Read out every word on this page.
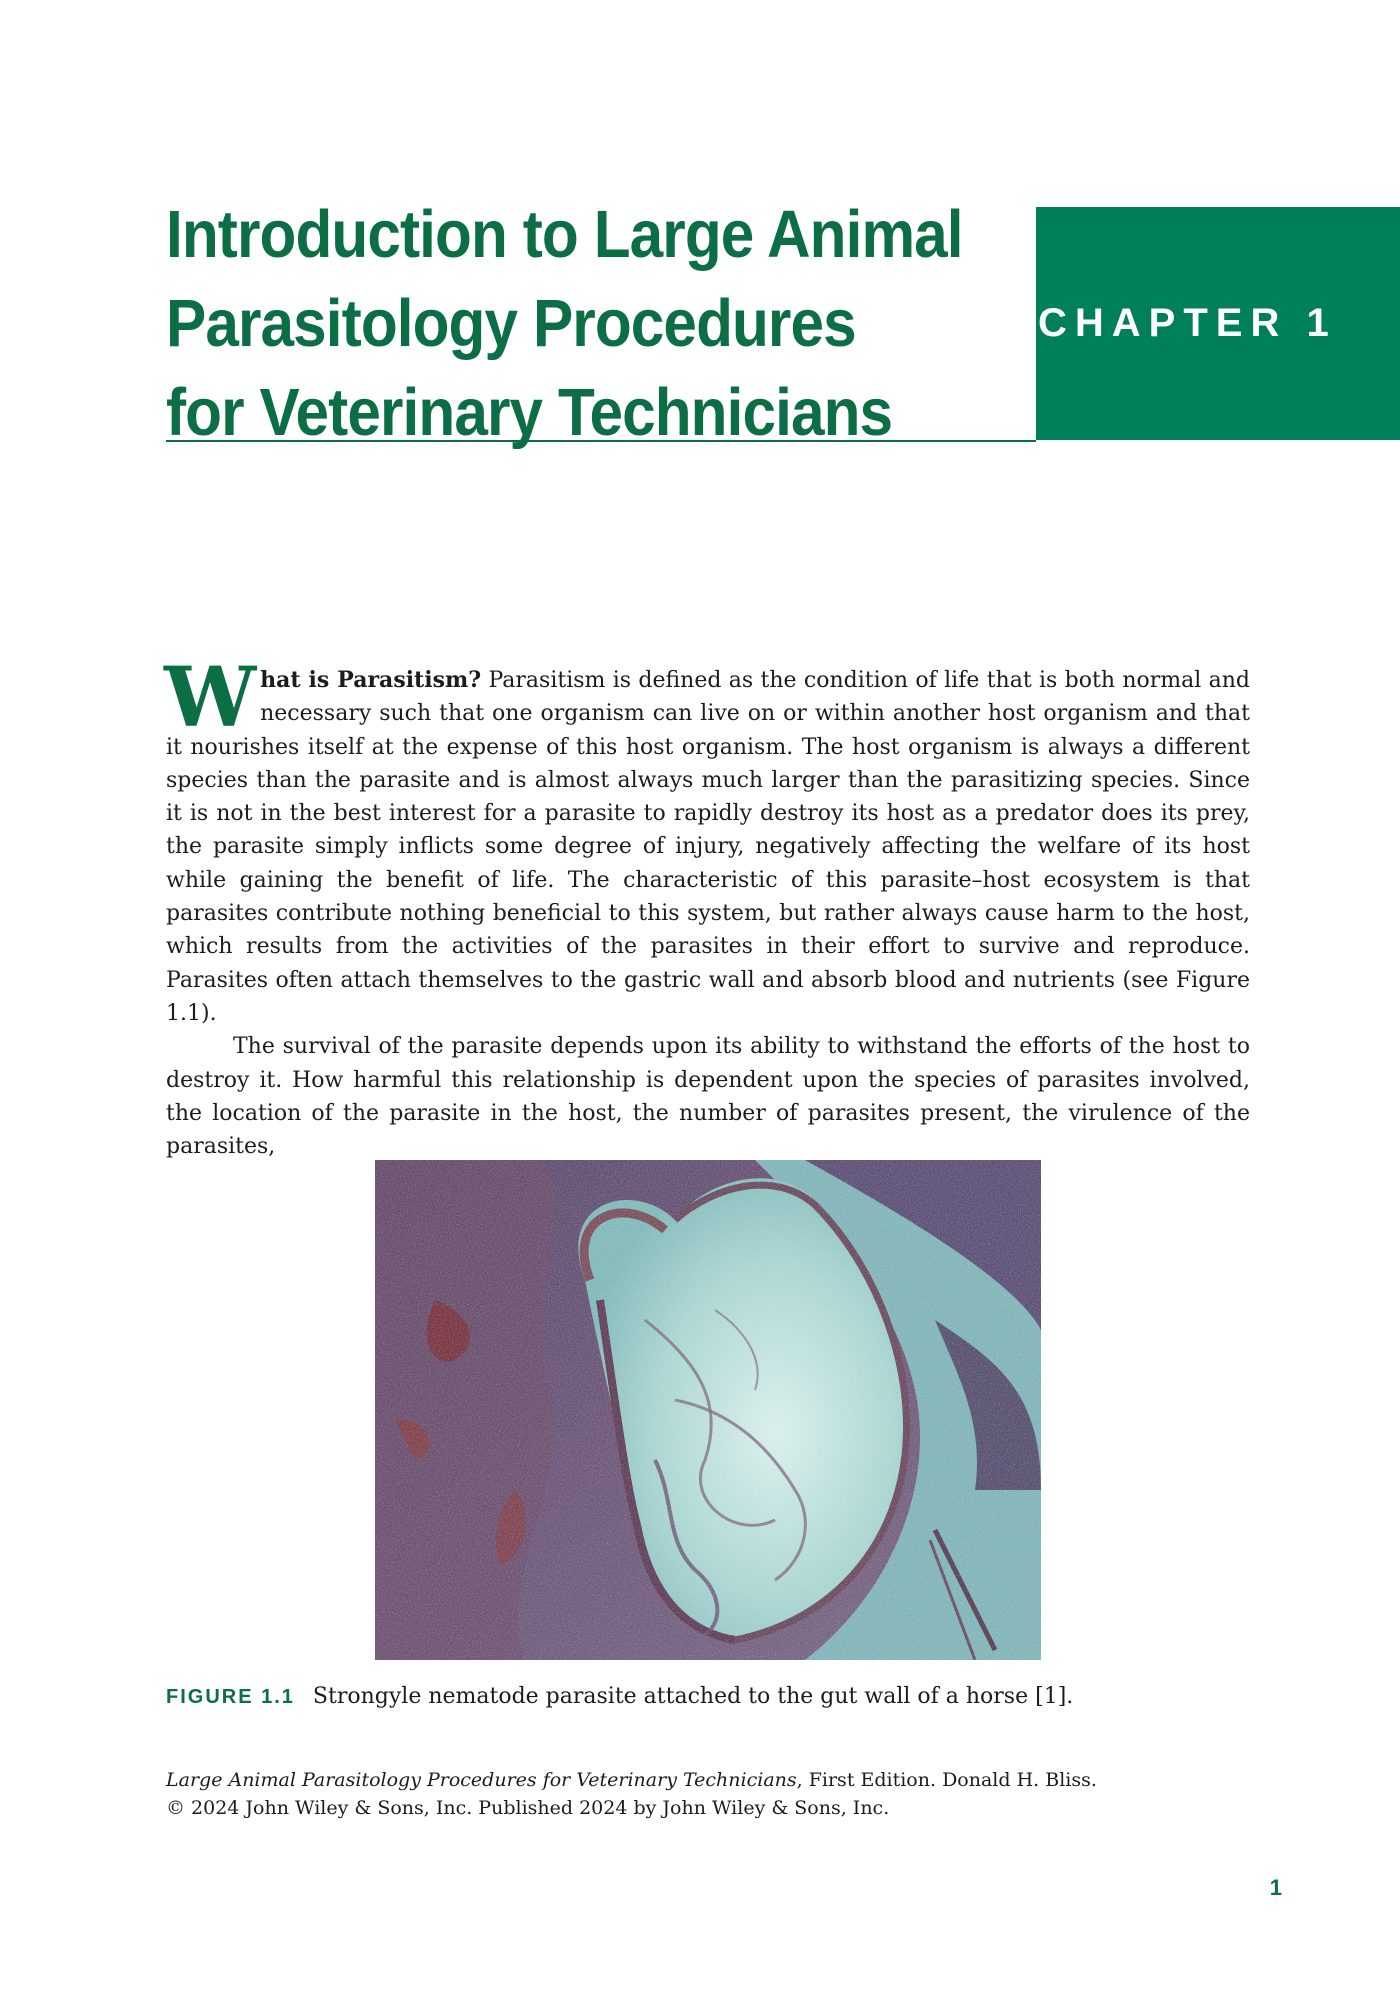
Introduction to Large Animal
Parasitology Procedures
for Veterinary Technicians
CHAPTER 1

What is Parasitism? Parasitism is defined as the condition of life that is both normal and necessary such that one organism can live on or within another host organism and that it nourishes itself at the expense of this host organism. The host organism is always a different species than the parasite and is almost always much larger than the parasitizing species. Since it is not in the best interest for a parasite to rapidly destroy its host as a predator does its prey, the parasite simply inflicts some degree of injury, negatively affecting the welfare of its host while gaining the benefit of life. The characteristic of this parasite–host ecosystem is that parasites contribute nothing beneficial to this system, but rather always cause harm to the host, which results from the activities of the parasites in their effort to survive and reproduce. Parasites often attach themselves to the gastric wall and absorb blood and nutrients (see Figure 1.1).

The survival of the parasite depends upon its ability to withstand the efforts of the host to destroy it. How harmful this relationship is dependent upon the species of parasites involved, the location of the parasite in the host, the number of parasites present, the virulence of the parasites,

FIGURE 1.1 Strongyle nematode parasite attached to the gut wall of a horse [1].
Large Animal Parasitology Procedures for Veterinary Technicians, First Edition. Donald H. Bliss.
© 2024 John Wiley & Sons, Inc. Published 2024 by John Wiley & Sons, Inc.
1
